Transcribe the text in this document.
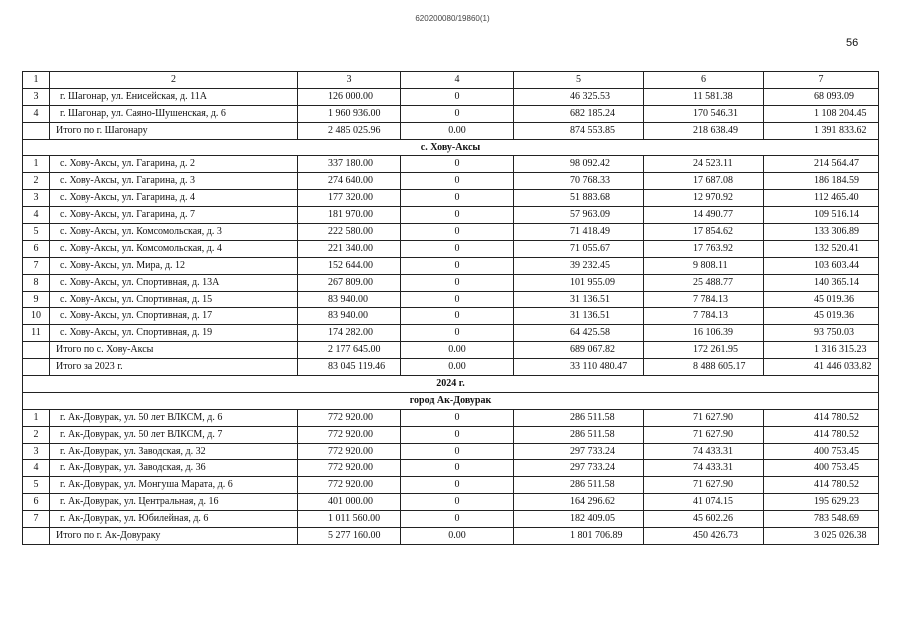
620200080/19860(1)
56
1	2	3	4	5	6	7
3	г. Шагонар, ул. Енисейская, д. 11А	126 000.00	0	46 325.53	11 581.38	68 093.09
4	г. Шагонар, ул. Саяно-Шушенская, д. 6	1 960 936.00	0	682 185.24	170 546.31	1 108 204.45
	Итого по г. Шагонару	2 485 025.96	0.00	874 553.85	218 638.49	1 391 833.62
с. Хову-Аксы						
1	с. Хову-Аксы, ул. Гагарина, д. 2	337 180.00	0	98 092.42	24 523.11	214 564.47
2	с. Хову-Аксы, ул. Гагарина, д. 3	274 640.00	0	70 768.33	17 687.08	186 184.59
3	с. Хову-Аксы, ул. Гагарина, д. 4	177 320.00	0	51 883.68	12 970.92	112 465.40
4	с. Хову-Аксы, ул. Гагарина, д. 7	181 970.00	0	57 963.09	14 490.77	109 516.14
5	с. Хову-Аксы, ул. Комсомольская, д. 3	222 580.00	0	71 418.49	17 854.62	133 306.89
6	с. Хову-Аксы, ул. Комсомольская, д. 4	221 340.00	0	71 055.67	17 763.92	132 520.41
7	с. Хову-Аксы, ул. Мира, д. 12	152 644.00	0	39 232.45	9 808.11	103 603.44
8	с. Хову-Аксы, ул. Спортивная, д. 13А	267 809.00	0	101 955.09	25 488.77	140 365.14
9	с. Хову-Аксы, ул. Спортивная, д. 15	83 940.00	0	31 136.51	7 784.13	45 019.36
10	с. Хову-Аксы, ул. Спортивная, д. 17	83 940.00	0	31 136.51	7 784.13	45 019.36
11	с. Хову-Аксы, ул. Спортивная, д. 19	174 282.00	0	64 425.58	16 106.39	93 750.03
	Итого по с. Хову-Аксы	2 177 645.00	0.00	689 067.82	172 261.95	1 316 315.23
	Итого за 2023 г.	83 045 119.46	0.00	33 110 480.47	8 488 605.17	41 446 033.82
2024 г.						
город Ак-Довурак						
1	г. Ак-Довурак, ул. 50 лет ВЛКСМ, д. 6	772 920.00	0	286 511.58	71 627.90	414 780.52
2	г. Ак-Довурак, ул. 50 лет ВЛКСМ, д. 7	772 920.00	0	286 511.58	71 627.90	414 780.52
3	г. Ак-Довурак, ул. Заводская, д. 32	772 920.00	0	297 733.24	74 433.31	400 753.45
4	г. Ак-Довурак, ул. Заводская, д. 36	772 920.00	0	297 733.24	74 433.31	400 753.45
5	г. Ак-Довурак, ул. Монгуша Марата, д. 6	772 920.00	0	286 511.58	71 627.90	414 780.52
6	г. Ак-Довурак, ул. Центральная, д. 16	401 000.00	0	164 296.62	41 074.15	195 629.23
7	г. Ак-Довурак, ул. Юбилейная, д. 6	1 011 560.00	0	182 409.05	45 602.26	783 548.69
	Итого по г. Ак-Довураку	5 277 160.00	0.00	1 801 706.89	450 426.73	3 025 026.38
